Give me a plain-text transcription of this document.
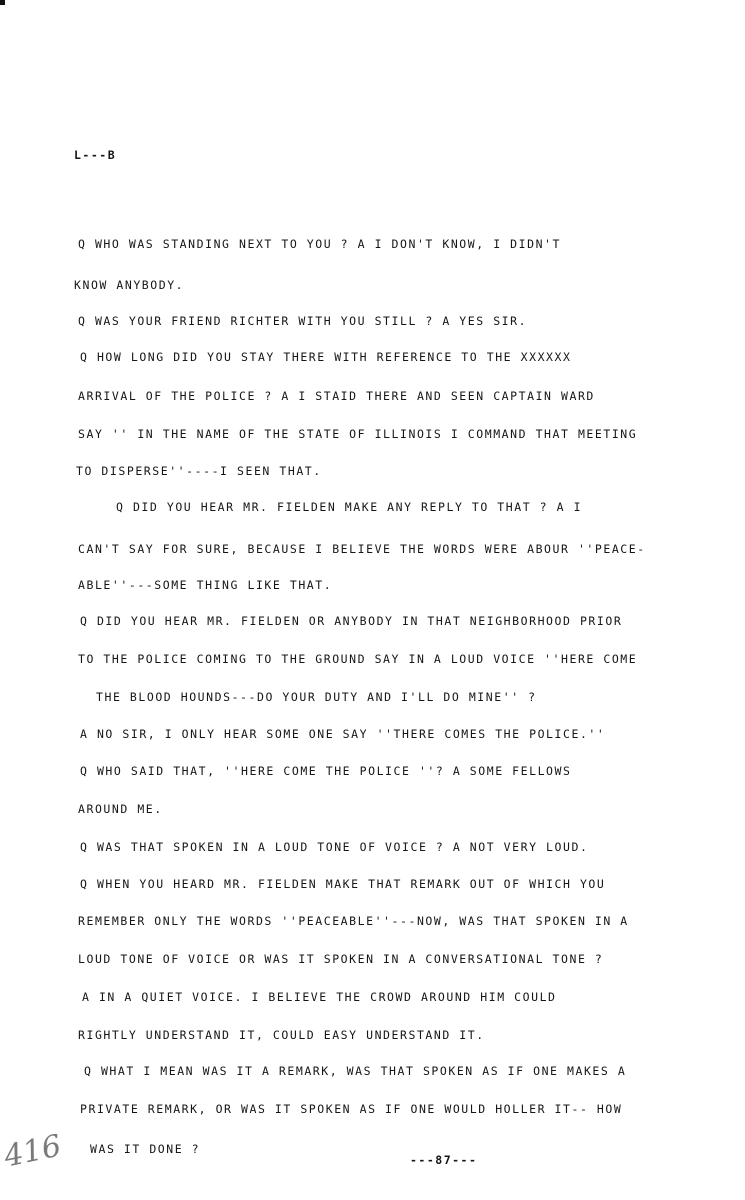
L---B
Q WHO WAS STANDING NEXT TO YOU ? A I DON'T KNOW, I DIDN'T
KNOW ANYBODY.
Q WAS YOUR FRIEND RICHTER WITH YOU STILL ? A YES SIR.
Q HOW LONG DID YOU STAY THERE WITH REFERENCE TO THE XXXXXX
ARRIVAL OF THE POLICE ? A I STAID THERE AND SEEN CAPTAIN WARD
SAY '' IN THE NAME OF THE STATE OF ILLINOIS I COMMAND THAT MEETING
TO DISPERSE''----I SEEN THAT.
Q DID YOU HEAR MR. FIELDEN MAKE ANY REPLY TO THAT ? A I
CAN'T SAY FOR SURE, BECAUSE I BELIEVE THE WORDS WERE ABOUR ''PEACE-
ABLE''---SOME THING LIKE THAT.
Q DID YOU HEAR MR. FIELDEN OR ANYBODY IN THAT NEIGHBORHOOD PRIOR
TO THE POLICE COMING TO THE GROUND SAY IN A LOUD VOICE ''HERE COME
THE BLOOD HOUNDS---DO YOUR DUTY AND I'LL DO MINE'' ?
A NO SIR, I ONLY HEAR SOME ONE SAY ''THERE COMES THE POLICE.''
Q WHO SAID THAT, ''HERE COME THE POLICE ''? A SOME FELLOWS
AROUND ME.
Q WAS THAT SPOKEN IN A LOUD TONE OF VOICE ? A NOT VERY LOUD.
Q WHEN YOU HEARD MR. FIELDEN MAKE THAT REMARK OUT OF WHICH YOU
REMEMBER ONLY THE WORDS ''PEACEABLE''---NOW, WAS THAT SPOKEN IN A
LOUD TONE OF VOICE OR WAS IT SPOKEN IN A CONVERSATIONAL TONE ?
A IN A QUIET VOICE. I BELIEVE THE CROWD AROUND HIM COULD
RIGHTLY UNDERSTAND IT, COULD EASY UNDERSTAND IT.
Q WHAT I MEAN WAS IT A REMARK, WAS THAT SPOKEN AS IF ONE MAKES A
PRIVATE REMARK, OR WAS IT SPOKEN AS IF ONE WOULD HOLLER IT-- HOW
WAS IT DONE ?
416	---87---
